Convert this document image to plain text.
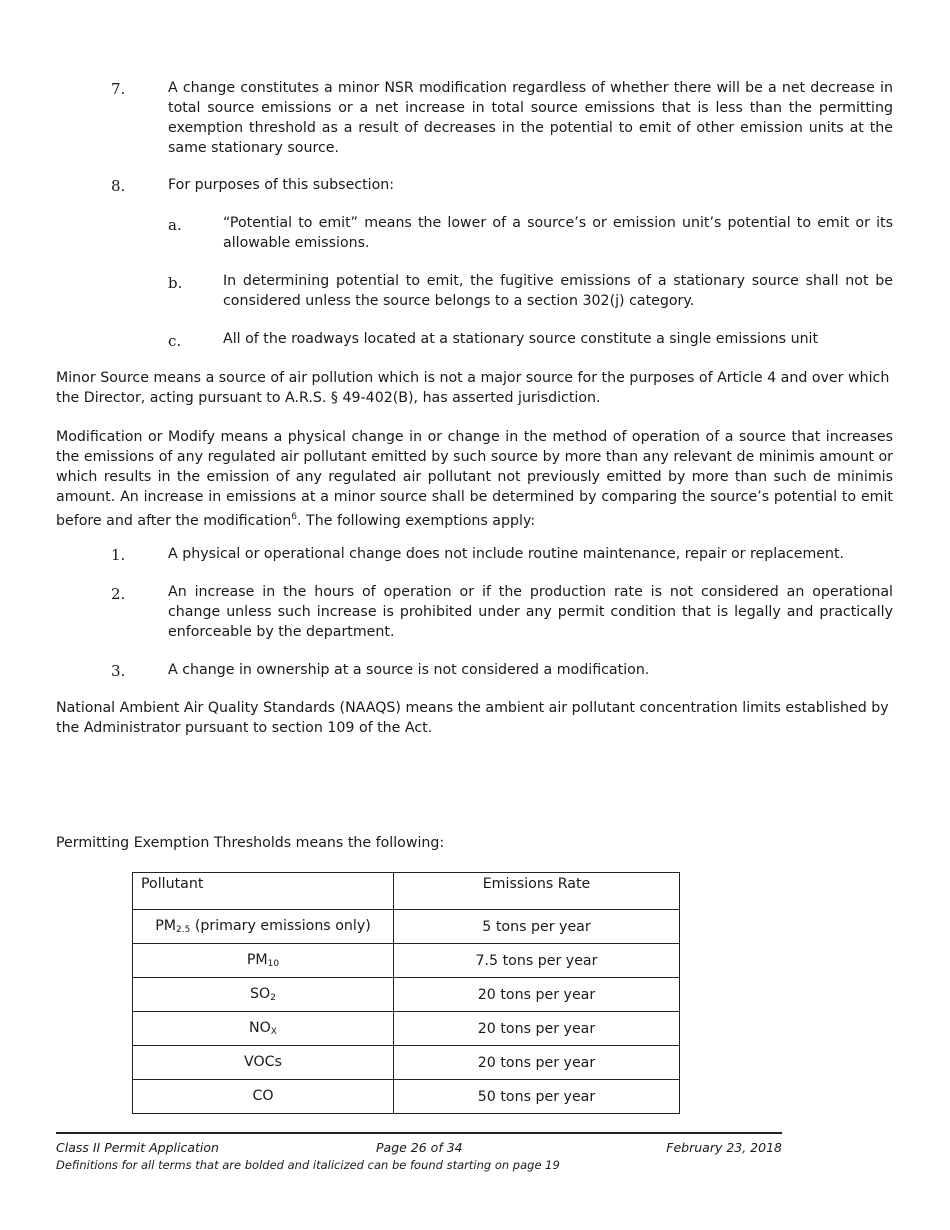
7.	A change constitutes a minor NSR modification regardless of whether there will be a net decrease in total source emissions or a net increase in total source emissions that is less than the permitting exemption threshold as a result of decreases in the potential to emit of other emission units at the same stationary source.
8.	For purposes of this subsection:
a.	“Potential to emit” means the lower of a source’s or emission unit’s potential to emit or its allowable emissions.
b.	In determining potential to emit, the fugitive emissions of a stationary source shall not be considered unless the source belongs to a section 302(j) category.
c.	All of the roadways located at a stationary source constitute a single emissions unit
Minor Source means a source of air pollution which is not a major source for the purposes of Article 4 and over which the Director, acting pursuant to A.R.S. § 49-402(B), has asserted jurisdiction.
Modification or Modify means a physical change in or change in the method of operation of a source that increases the emissions of any regulated air pollutant emitted by such source by more than any relevant de minimis amount or which results in the emission of any regulated air pollutant not previously emitted by more than such de minimis amount. An increase in emissions at a minor source shall be determined by comparing the source’s potential to emit before and after the modification$^6$. The following exemptions apply:
1.	A physical or operational change does not include routine maintenance, repair or replacement.
2.	An increase in the hours of operation or if the production rate is not considered an operational change unless such increase is prohibited under any permit condition that is legally and practically enforceable by the department.
3.	A change in ownership at a source is not considered a modification.
National Ambient Air Quality Standards (NAAQS) means the ambient air pollutant concentration limits established by the Administrator pursuant to section 109 of the Act.
Permitting Exemption Thresholds means the following:
Pollutant	Emissions Rate
$PM_{2.5}$ (primary emissions only)	5 tons per year
$PM_{10}$	7.5 tons per year
$SO_2$	20 tons per year
$NO_X$	20 tons per year
VOCs	20 tons per year
CO	50 tons per year
Class II Permit Application	Page 26 of 34	February 23, 2018
Definitions for all terms that are bolded and italicized can be found starting on page 19
